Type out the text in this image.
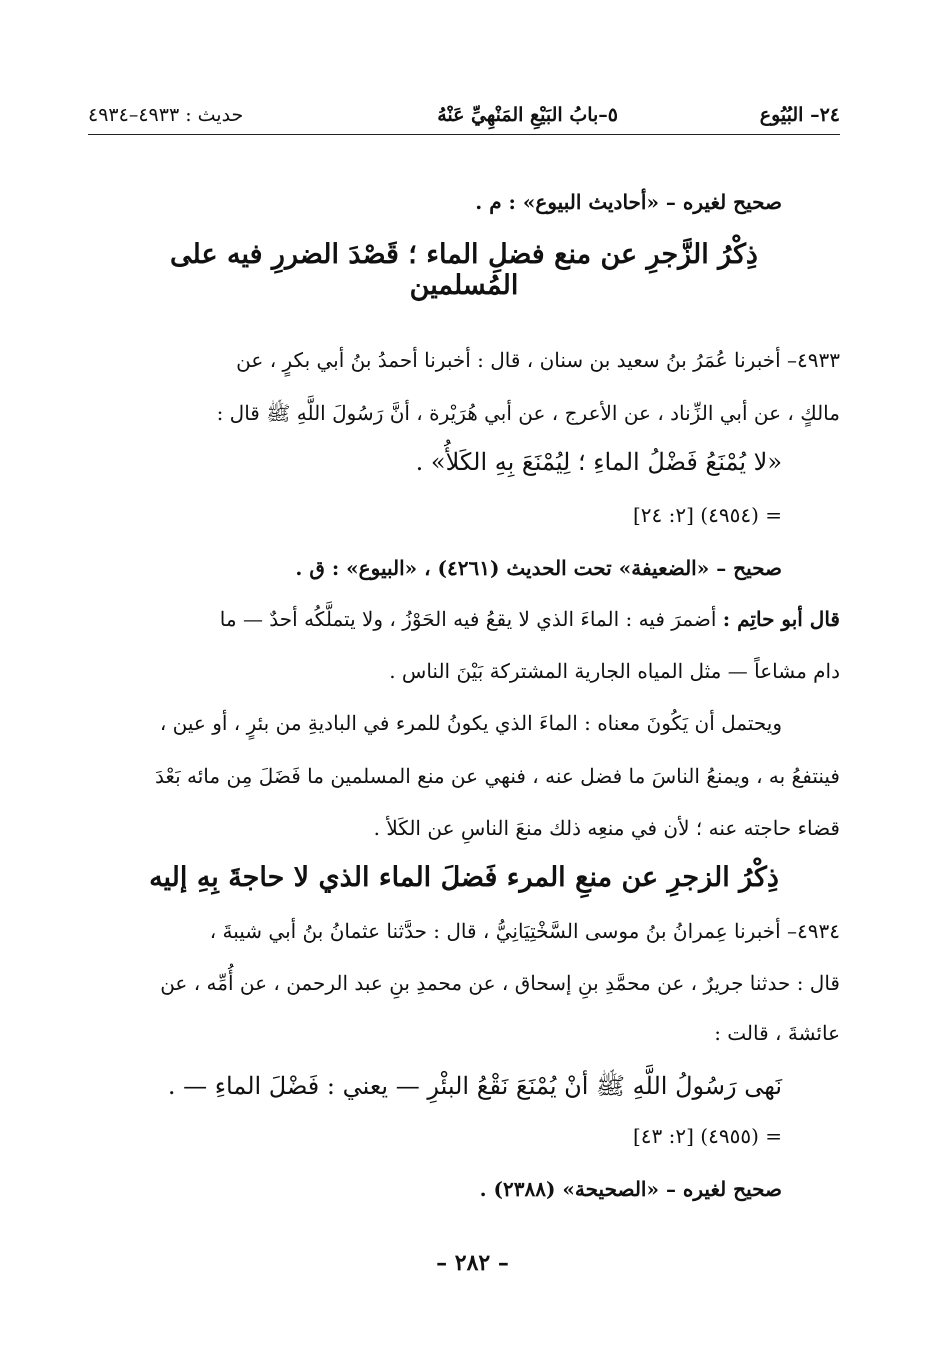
٢٤– البُيُوع
٥–بابُ البَيْعِ المَنْهِيِّ عَنْهُ
حديث : ٤٩٣٣–٤٩٣٤
صحيح لغيره – «أحاديث البيوع» : م .
ذِكْرُ الزَّجرِ عن منع فضلِ الماء ؛ قَصْدَ الضررِ فيه على
المُسلمين
٤٩٣٣– أخبرنا عُمَرُ بنُ سعيد بن سنان ، قال : أخبرنا أحمدُ بنُ أبي بكرٍ ، عن
مالكٍ ، عن أبي الزِّناد ، عن الأعرج ، عن أبي هُرَيْرة ، أنَّ رَسُولَ اللَّهِ ﷺ قال :
«لا يُمْنَعُ فَضْلُ الماءِ ؛ لِيُمْنَعَ بِهِ الكَلأُ» .
= (٤٩٥٤) [٢: ٢٤]
صحيح – «الضعيفة» تحت الحديث (٤٢٦١) ، «البيوع» : ق .
قال أبو حاتِم : أضمرَ فيه : الماءَ الذي لا يقعُ فيه الحَوْزُ ، ولا يتملَّكُه أحدٌ — ما
دام مشاعاً — مثل المياه الجارية المشتركة بَيْنَ الناس .
ويحتمل أن يَكُونَ معناه : الماءَ الذي يكونُ للمرء في الباديةِ من بئرٍ ، أو عين ،
فينتفعُ به ، ويمنعُ الناسَ ما فضل عنه ، فنهي عن منع المسلمين ما فَضَلَ مِن مائه بَعْدَ
قضاء حاجته عنه ؛ لأن في منعِه ذلك منعَ الناسِ عن الكَلأ .
ذِكْرُ الزجرِ عن منعِ المرء فَضلَ الماء الذي لا حاجةَ بِهِ إليه
٤٩٣٤– أخبرنا عِمرانُ بنُ موسى السَّخْتِيَانِيُّ ، قال : حدَّثنا عثمانُ بنُ أبي شيبةَ ،
قال : حدثنا جريرٌ ، عن محمَّدِ بنِ إسحاق ، عن محمدِ بنِ عبد الرحمن ، عن أُمِّه ، عن
عائشةَ ، قالت :
نَهى رَسُولُ اللَّهِ ﷺ أنْ يُمْنَعَ نَقْعُ البئْرِ — يعني : فَضْلَ الماءِ — .
= (٤٩٥٥) [٢: ٤٣]
صحيح لغيره – «الصحيحة» (٢٣٨٨) .
– ٢٨٢ –
